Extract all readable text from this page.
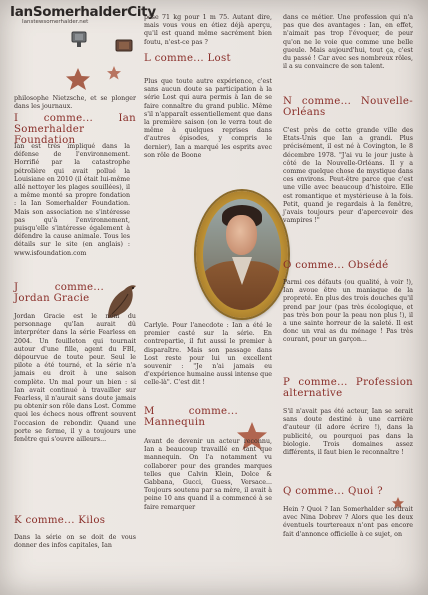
IanSomerhalderCity
Ianstewsomerhalder.net

philosophe Nietzsche, et se plonger dans les journaux.

I comme... Ian Somerhalder Foundation

Ian est très impliqué dans la défense de l'environnement. Horrifié par la catastrophe pétrolière qui avait pollué la Louisiane en 2010 (il était lui-même allé nettoyer les plages souillées), il a même monté sa propre fondation : la Ian Somerhalder Foundation. Mais son association ne s'intéresse pas qu'à l'environnement, puisqu'elle s'intéresse également à défendre la cause animale. Tous les détails sur le site (en anglais) : www.isfoundation.com

J comme... Jordan Gracie

Jordan Gracie est le nom du personnage qu'Ian aurait dû interpréter dans la série Fearless en 2004. Un feuilleton qui tournait autour d'une fille, agent du FBI, dépourvue de toute peur. Seul le pilote a été tourné, et la série n'a jamais eu droit à une saison complète. Un mal pour un bien : si Ian avait continué à travailler sur Fearless, il n'aurait sans doute jamais pu obtenir son rôle dans Lost. Comme quoi les échecs nous offrent souvent l'occasion de rebondir. Quand une porte se ferme, il y a toujours une fenêtre qui s'ouvre ailleurs...

K comme... Kilos

Dans la série on se doit de vous donner des infos capitales, Ian

pèse 71 kg pour 1 m 75. Autant dire, mais vous vous en étiez déjà aperçu, qu'il est quand même sacrément bien foutu, n'est-ce pas ?

L comme... Lost

Plus que toute autre expérience, c'est sans aucun doute sa participation à la série Lost qui aura permis à Ian de se faire connaître du grand public. Même s'il n'apparaît essentiellement que dans la première saison (on le verra tout de même à quelques reprises dans d'autres épisodes, y compris le dernier), Ian a marqué les esprits avec son rôle de Boone

Carlyle. Pour l'anecdote : Ian a été le premier casté sur la série. En contrepartie, il fut aussi le premier à disparaître. Mais son passage dans Lost reste pour lui un excellent souvenir : "Je n'ai jamais eu d'expérience humaine aussi intense que celle-là". C'est dit !

M comme... Mannequin

Avant de devenir un acteur reconnu, Ian a beaucoup travaillé en tant que mannequin. On l'a notamment vu collaborer pour des grandes marques telles que Calvin Klein, Dolce & Gabbana, Gucci, Guess, Versace... Toujours soutenu par sa mère, il avait à peine 10 ans quand il a commencé à se faire remarquer

dans ce métier. Une profession qui n'a pas que des avantages : Ian, en effet, n'aimait pas trop l'évoquer, de peur qu'on ne le voie que comme une belle gueule. Mais aujourd'hui, tout ça, c'est du passé ! Car avec ses nombreux rôles, il a su convaincre de son talent.

N comme... Nouvelle-Orléans

C'est près de cette grande ville des Etats-Unis que Ian a grandi. Plus précisément, il est né à Covington, le 8 décembre 1978. "J'ai vu le jour juste à côté de la Nouvelle-Orléans. Il y a comme quelque chose de mystique dans ces environs. Peut-être parce que c'est une ville avec beaucoup d'histoire. Elle est romantique et mystérieuse à la fois. Petit, quand je regardais à la fenêtre, j'avais toujours peur d'apercevoir des vampires !"

O comme... Obsédé

Parmi ces défauts (ou qualité, à voir !), Ian avoue être un maniaque de la propreté. En plus des trois douches qu'il prend par jour (pas très écologique, et pas très bon pour la peau non plus !), il a une sainte horreur de la saleté. Il est donc un vrai as du ménage ! Pas très courant, pour un garçon...

P comme... Profession alternative

S'il n'avait pas été acteur, Ian se serait sans doute destiné à une carrière d'auteur (il adore écrire !), dans la publicité, ou pourquoi pas dans la biologie. Trois domaines assez différents, il faut bien le reconnaître !

Q comme... Quoi ?

Hein ? Quoi ? Ian Somerhalder sortirait avec Nina Dobrev ? Alors que les deux éventuels tourtereaux n'ont pas encore fait d'annonce officielle à ce sujet, on
